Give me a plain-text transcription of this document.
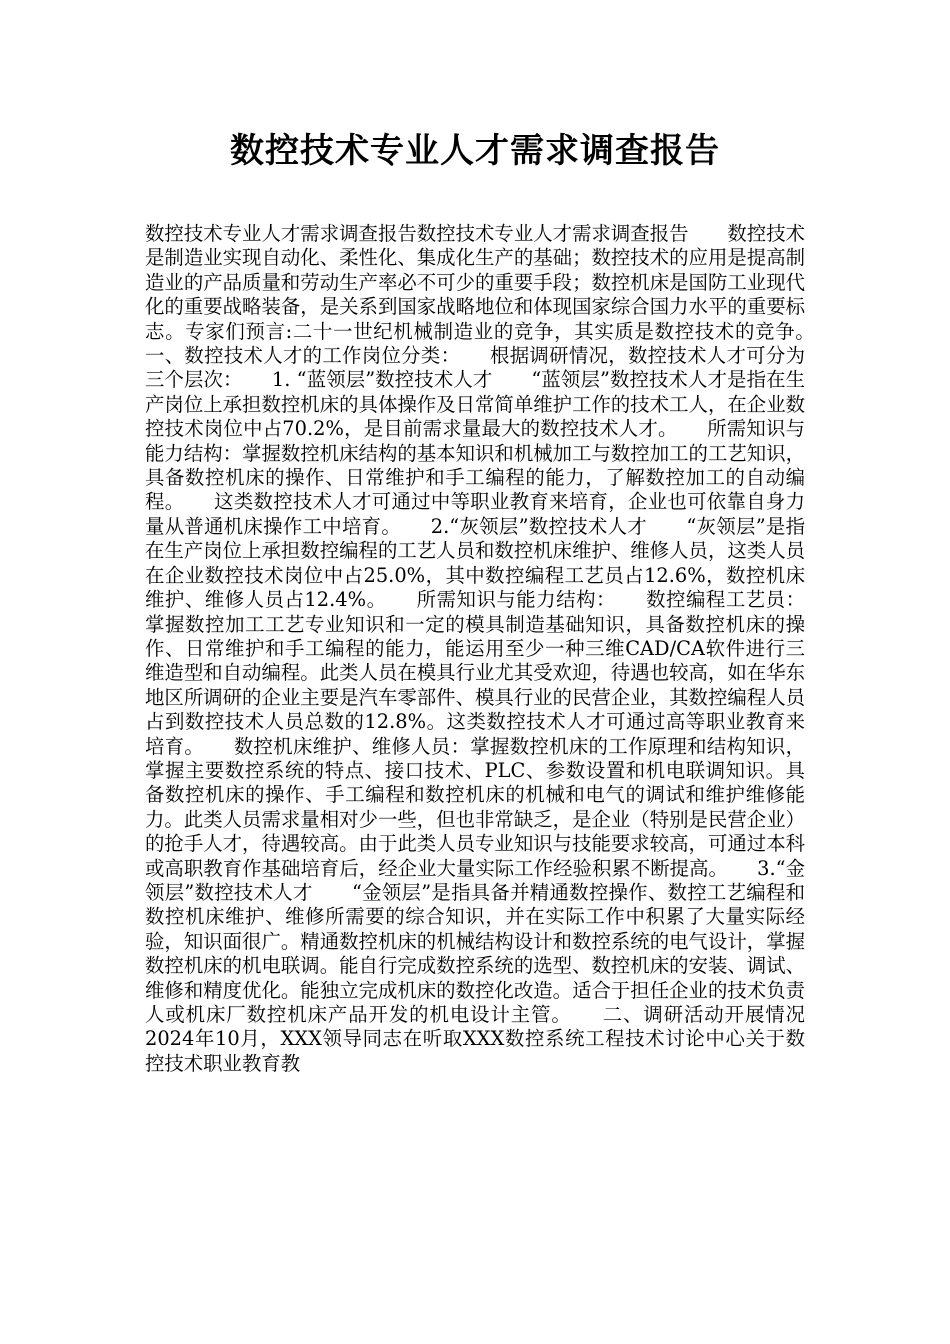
数控技术专业人才需求调查报告

数控技术专业人才需求调查报告数控技术专业人才需求调查报告　　数控技术是制造业实现自动化、柔性化、集成化生产的基础；数控技术的应用是提高制造业的产品质量和劳动生产率必不可少的重要手段；数控机床是国防工业现代化的重要战略装备，是关系到国家战略地位和体现国家综合国力水平的重要标志。专家们预言:二十一世纪机械制造业的竞争，其实质是数控技术的竞争。　　一、数控技术人才的工作岗位分类：　　根据调研情况，数控技术人才可分为三个层次：　　1. “蓝领层”数控技术人才　　“蓝领层”数控技术人才是指在生产岗位上承担数控机床的具体操作及日常简单维护工作的技术工人，在企业数控技术岗位中占70.2%，是目前需求量最大的数控技术人才。　　所需知识与能力结构：掌握数控机床结构的基本知识和机械加工与数控加工的工艺知识，具备数控机床的操作、日常维护和手工编程的能力，了解数控加工的自动编程。　　这类数控技术人才可通过中等职业教育来培育，企业也可依靠自身力量从普通机床操作工中培育。　　2.“灰领层”数控技术人才　　“灰领层”是指在生产岗位上承担数控编程的工艺人员和数控机床维护、维修人员，这类人员在企业数控技术岗位中占25.0%，其中数控编程工艺员占12.6%，数控机床维护、维修人员占12.4%。　　所需知识与能力结构：　　数控编程工艺员：掌握数控加工工艺专业知识和一定的模具制造基础知识，具备数控机床的操作、日常维护和手工编程的能力，能运用至少一种三维CAD/CA软件进行三维造型和自动编程。此类人员在模具行业尤其受欢迎，待遇也较高，如在华东地区所调研的企业主要是汽车零部件、模具行业的民营企业，其数控编程人员占到数控技术人员总数的12.8%。这类数控技术人才可通过高等职业教育来培育。　　数控机床维护、维修人员：掌握数控机床的工作原理和结构知识，掌握主要数控系统的特点、接口技术、PLC、参数设置和机电联调知识。具备数控机床的操作、手工编程和数控机床的机械和电气的调试和维护维修能力。此类人员需求量相对少一些，但也非常缺乏，是企业（特别是民营企业）的抢手人才，待遇较高。由于此类人员专业知识与技能要求较高，可通过本科或高职教育作基础培育后，经企业大量实际工作经验积累不断提高。　　3.“金领层”数控技术人才　　“金领层”是指具备并精通数控操作、数控工艺编程和数控机床维护、维修所需要的综合知识，并在实际工作中积累了大量实际经验，知识面很广。精通数控机床的机械结构设计和数控系统的电气设计，掌握数控机床的机电联调。能自行完成数控系统的选型、数控机床的安装、调试、维修和精度优化。能独立完成机床的数控化改造。适合于担任企业的技术负责人或机床厂数控机床产品开发的机电设计主管。　　二、调研活动开展情况　　2024年10月，XXX领导同志在听取XXX数控系统工程技术讨论中心关于数控技术职业教育教
